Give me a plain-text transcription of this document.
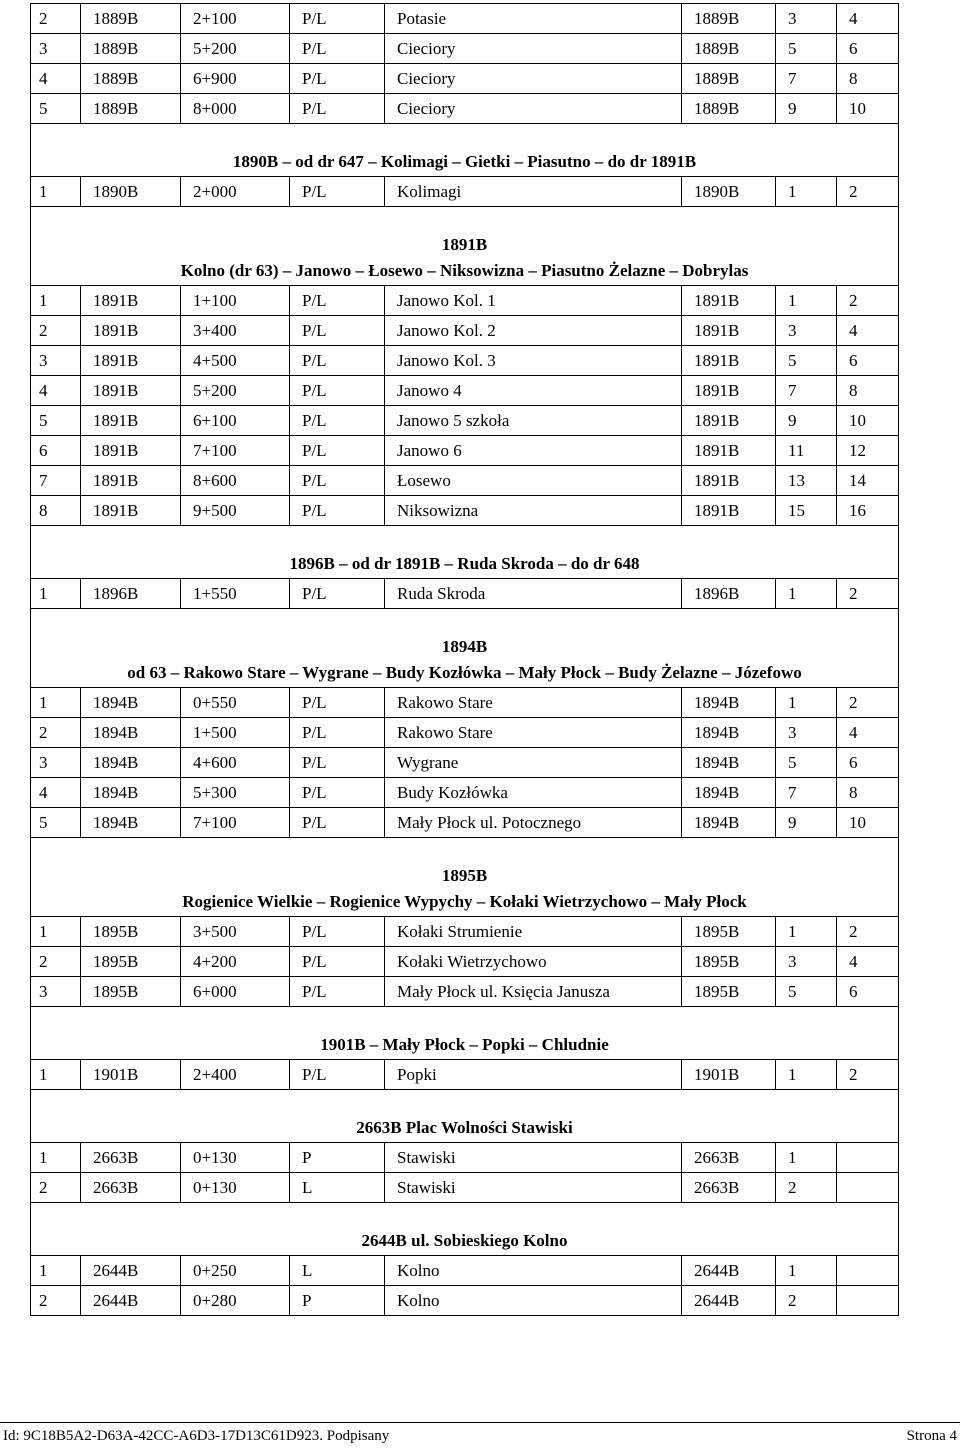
2	1889B	2+100	P/L	Potasie	1889B	3	4
3	1889B	5+200	P/L	Cieciory	1889B	5	6
4	1889B	6+900	P/L	Cieciory	1889B	7	8
5	1889B	8+000	P/L	Cieciory	1889B	9	10

1890B – od dr 647 – Kolimagi – Gietki – Piasutno – do dr 1891B							

1	1890B	2+000	P/L	Kolimagi	1890B	1	2

1891B
Kolno (dr 63) – Janowo – Łosewo – Niksowizna – Piasutno Żelazne – Dobrylas							

1	1891B	1+100	P/L	Janowo Kol. 1	1891B	1	2
2	1891B	3+400	P/L	Janowo Kol. 2	1891B	3	4
3	1891B	4+500	P/L	Janowo Kol. 3	1891B	5	6
4	1891B	5+200	P/L	Janowo 4	1891B	7	8
5	1891B	6+100	P/L	Janowo 5 szkoła	1891B	9	10
6	1891B	7+100	P/L	Janowo 6	1891B	11	12
7	1891B	8+600	P/L	Łosewo	1891B	13	14
8	1891B	9+500	P/L	Niksowizna	1891B	15	16

1896B – od dr 1891B – Ruda Skroda – do dr 648							

1	1896B	1+550	P/L	Ruda Skroda	1896B	1	2

1894B
od 63 – Rakowo Stare – Wygrane – Budy Kozłówka – Mały Płock – Budy Żelazne – Józefowo							

1	1894B	0+550	P/L	Rakowo Stare	1894B	1	2
2	1894B	1+500	P/L	Rakowo Stare	1894B	3	4
3	1894B	4+600	P/L	Wygrane	1894B	5	6
4	1894B	5+300	P/L	Budy Kozłówka	1894B	7	8
5	1894B	7+100	P/L	Mały Płock ul. Potocznego	1894B	9	10

1895B
Rogienice Wielkie – Rogienice Wypychy – Kołaki Wietrzychowo – Mały Płock							

1	1895B	3+500	P/L	Kołaki Strumienie	1895B	1	2
2	1895B	4+200	P/L	Kołaki Wietrzychowo	1895B	3	4
3	1895B	6+000	P/L	Mały Płock ul. Księcia Janusza	1895B	5	6

1901B – Mały Płock – Popki – Chludnie							

1	1901B	2+400	P/L	Popki	1901B	1	2

2663B Plac Wolności Stawiski							

1	2663B	0+130	P	Stawiski	2663B	1	
2	2663B	0+130	L	Stawiski	2663B	2	

2644B ul. Sobieskiego Kolno							

1	2644B	0+250	L	Kolno	2644B	1	
2	2644B	0+280	P	Kolno	2644B	2	
Id: 9C18B5A2-D63A-42CC-A6D3-17D13C61D923. Podpisany	Strona 4
